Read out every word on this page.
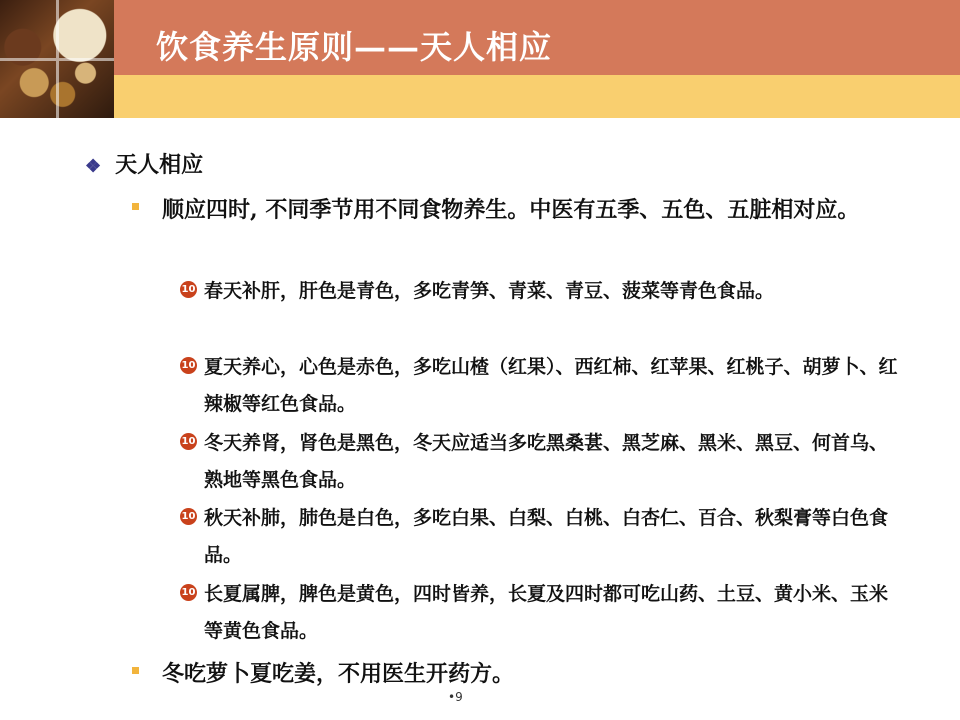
饮食养生原则——天人相应
❖ 天人相应
顺应四时, 不同季节用不同食物养生。中医有五季、五色、五脏相对应。
10 春天补肝，肝色是青色，多吃青笋、青菜、青豆、菠菜等青色食品。
10 夏天养心，心色是赤色，多吃山楂（红果）、西红柿、红苹果、红桃子、胡萝卜、红辣椒等红色食品。
10 冬天养肾，肾色是黑色，冬天应适当多吃黑桑葚、黑芝麻、黑米、黑豆、何首乌、熟地等黑色食品。
10 秋天补肺，肺色是白色，多吃白果、白梨、白桃、白杏仁、百合、秋梨膏等白色食品。
10 长夏属脾，脾色是黄色，四时皆养，长夏及四时都可吃山药、土豆、黄小米、玉米等黄色食品。
冬吃萝卜夏吃姜，不用医生开药方。
•9
